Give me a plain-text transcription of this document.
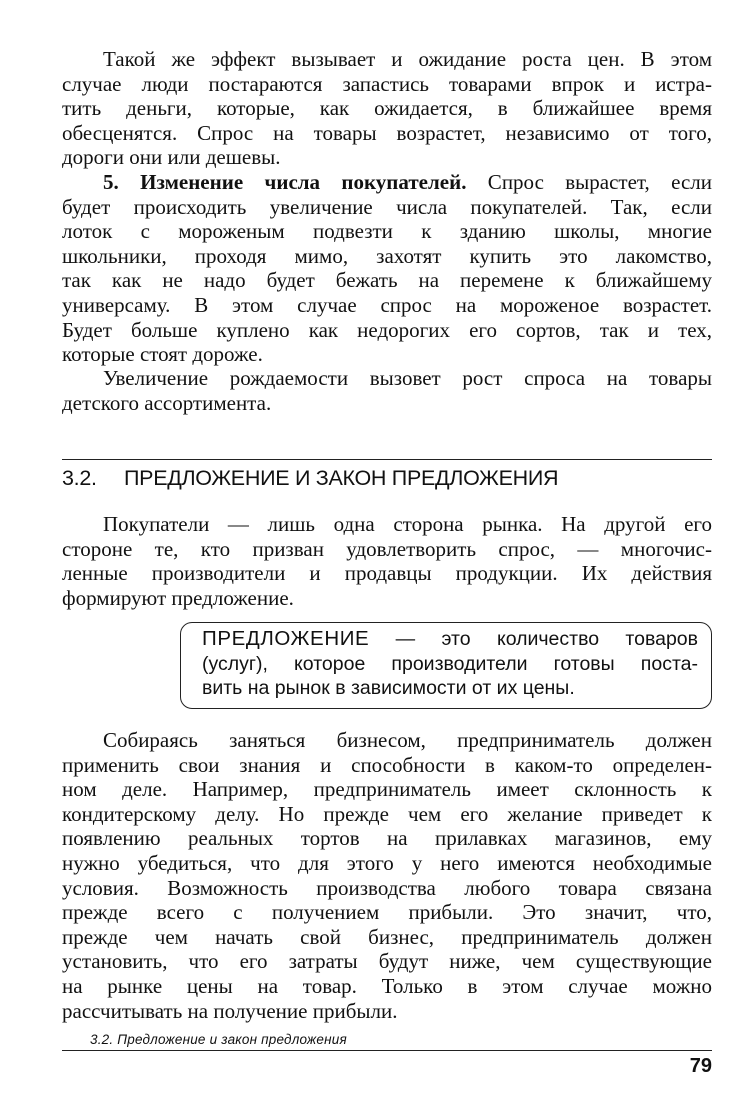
Такой же эффект вызывает и ожидание роста цен. В этом
случае люди постараются запастись товарами впрок и истра-
тить деньги, которые, как ожидается, в ближайшее время
обесценятся. Спрос на товары возрастет, независимо от того,
дороги они или дешевы.
5. Изменение числа покупателей. Спрос вырастет, если
будет происходить увеличение числа покупателей. Так, если
лоток с мороженым подвезти к зданию школы, многие
школьники, проходя мимо, захотят купить это лакомство,
так как не надо будет бежать на перемене к ближайшему
универсаму. В этом случае спрос на мороженое возрастет.
Будет больше куплено как недорогих его сортов, так и тех,
которые стоят дороже.
Увеличение рождаемости вызовет рост спроса на товары
детского ассортимента.
3.2. ПРЕДЛОЖЕНИЕ И ЗАКОН ПРЕДЛОЖЕНИЯ
Покупатели — лишь одна сторона рынка. На другой его
стороне те, кто призван удовлетворить спрос, — многочис-
ленные производители и продавцы продукции. Их действия
формируют предложение.
ПРЕДЛОЖЕНИЕ — это количество товаров
(услуг), которое производители готовы поста-
вить на рынок в зависимости от их цены.
Собираясь заняться бизнесом, предприниматель должен
применить свои знания и способности в каком-то определен-
ном деле. Например, предприниматель имеет склонность к
кондитерскому делу. Но прежде чем его желание приведет к
появлению реальных тортов на прилавках магазинов, ему
нужно убедиться, что для этого у него имеются необходимые
условия. Возможность производства любого товара связана
прежде всего с получением прибыли. Это значит, что,
прежде чем начать свой бизнес, предприниматель должен
установить, что его затраты будут ниже, чем существующие
на рынке цены на товар. Только в этом случае можно
рассчитывать на получение прибыли.
3.2. Предложение и закон предложения
79
